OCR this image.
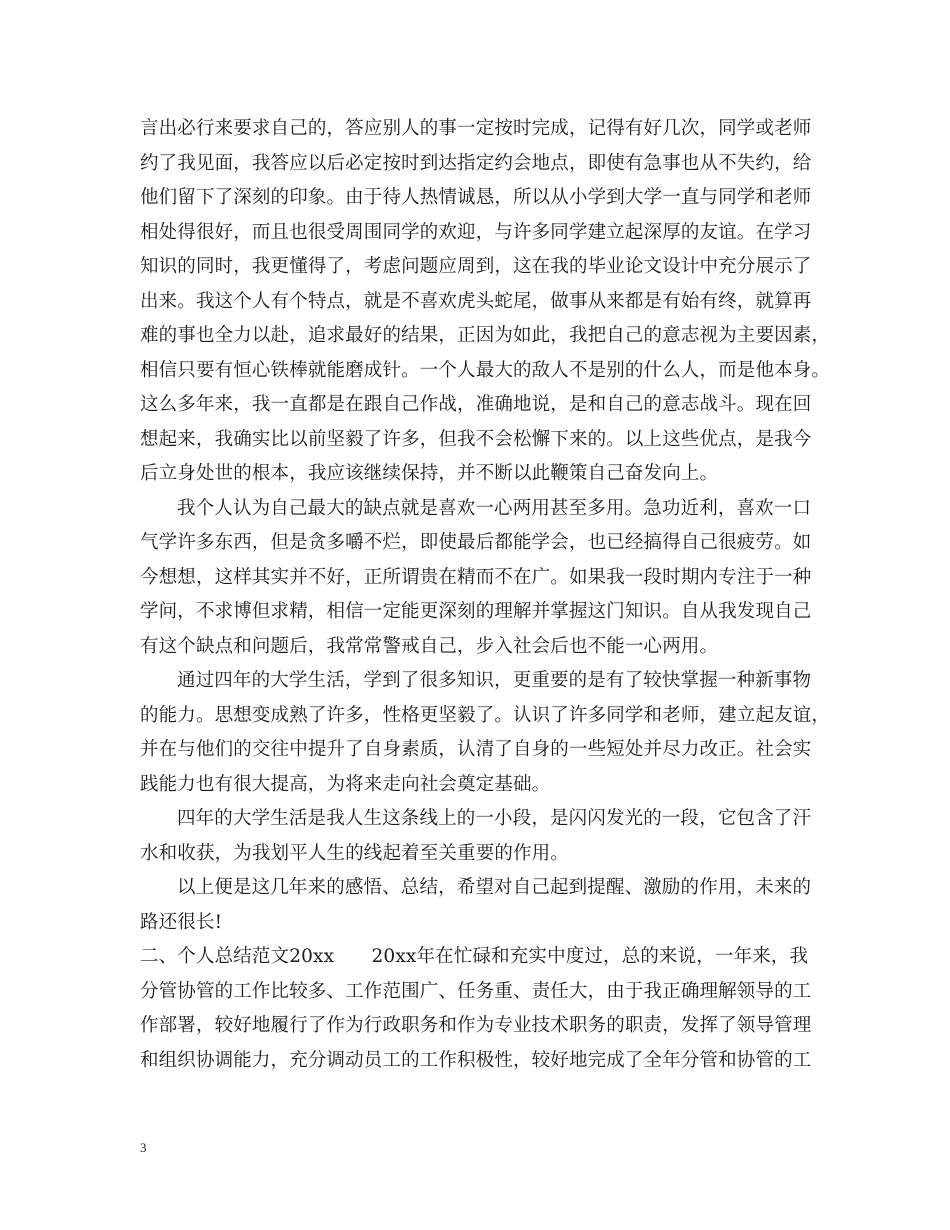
言出必行来要求自己的，答应别人的事一定按时完成，记得有好几次，同学或老师
约了我见面，我答应以后必定按时到达指定约会地点，即使有急事也从不失约，给
他们留下了深刻的印象。由于待人热情诚恳，所以从小学到大学一直与同学和老师
相处得很好，而且也很受周围同学的欢迎，与许多同学建立起深厚的友谊。在学习
知识的同时，我更懂得了，考虑问题应周到，这在我的毕业论文设计中充分展示了
出来。我这个人有个特点，就是不喜欢虎头蛇尾，做事从来都是有始有终，就算再
难的事也全力以赴，追求最好的结果，正因为如此，我把自己的意志视为主要因素，
相信只要有恒心铁棒就能磨成针。一个人最大的敌人不是别的什么人，而是他本身。
这么多年来，我一直都是在跟自己作战，准确地说，是和自己的意志战斗。现在回
想起来，我确实比以前坚毅了许多，但我不会松懈下来的。以上这些优点，是我今
后立身处世的根本，我应该继续保持，并不断以此鞭策自己奋发向上。
我个人认为自己最大的缺点就是喜欢一心两用甚至多用。急功近利，喜欢一口
气学许多东西，但是贪多嚼不烂，即使最后都能学会，也已经搞得自己很疲劳。如
今想想，这样其实并不好，正所谓贵在精而不在广。如果我一段时期内专注于一种
学问，不求博但求精，相信一定能更深刻的理解并掌握这门知识。自从我发现自己
有这个缺点和问题后，我常常警戒自己，步入社会后也不能一心两用。
通过四年的大学生活，学到了很多知识，更重要的是有了较快掌握一种新事物
的能力。思想变成熟了许多，性格更坚毅了。认识了许多同学和老师，建立起友谊，
并在与他们的交往中提升了自身素质，认清了自身的一些短处并尽力改正。社会实
践能力也有很大提高，为将来走向社会奠定基础。
四年的大学生活是我人生这条线上的一小段，是闪闪发光的一段，它包含了汗
水和收获，为我划平人生的线起着至关重要的作用。
以上便是这几年来的感悟、总结，希望对自己起到提醒、激励的作用，未来的
路还很长!
二、个人总结范文20xx　　20xx年在忙碌和充实中度过，总的来说，一年来，我
分管协管的工作比较多、工作范围广、任务重、责任大，由于我正确理解领导的工
作部署，较好地履行了作为行政职务和作为专业技术职务的职责，发挥了领导管理
和组织协调能力，充分调动员工的工作积极性，较好地完成了全年分管和协管的工
3
